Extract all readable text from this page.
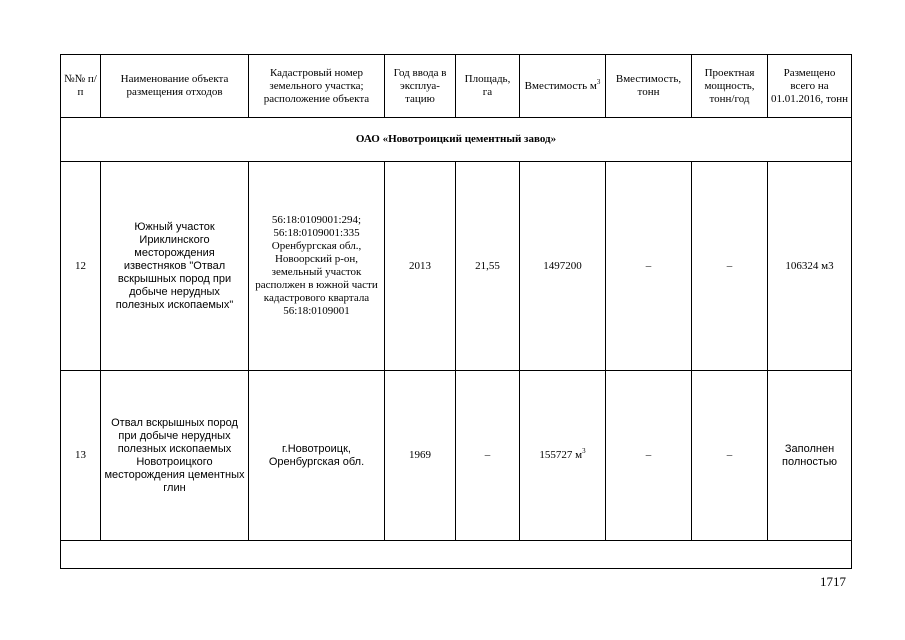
№№ п/п	Наименование объекта размещения отходов	Кадастровый номер земельного участка; расположение объекта	Год ввода в эксплуа-тацию	Площадь, га	Вместимость $м^3$	Вместимость, тонн	Проектная мощность, тонн/год	Размещено всего на 01.01.2016, тонн
ОАО «Новотроицкий цементный завод»								
12	Южный участок Ириклинского месторождения известняков "Отвал вскрышных пород при добыче нерудных полезных ископаемых"	56:18:0109001:294; 56:18:0109001:335 Оренбургская обл., Новоорский р-он, земельный участок располжен в южной части кадастрового квартала 56:18:0109001	2013	21,55	1497200	–	–	106324 м3
13	Отвал вскрышных пород при добыче нерудных полезных ископаемых Новотроицкого месторождения цементных глин	г.Новотроицк, Оренбургская обл.	1969	–	155727 $м^3$	–	–	Заполнен полностью

1717
